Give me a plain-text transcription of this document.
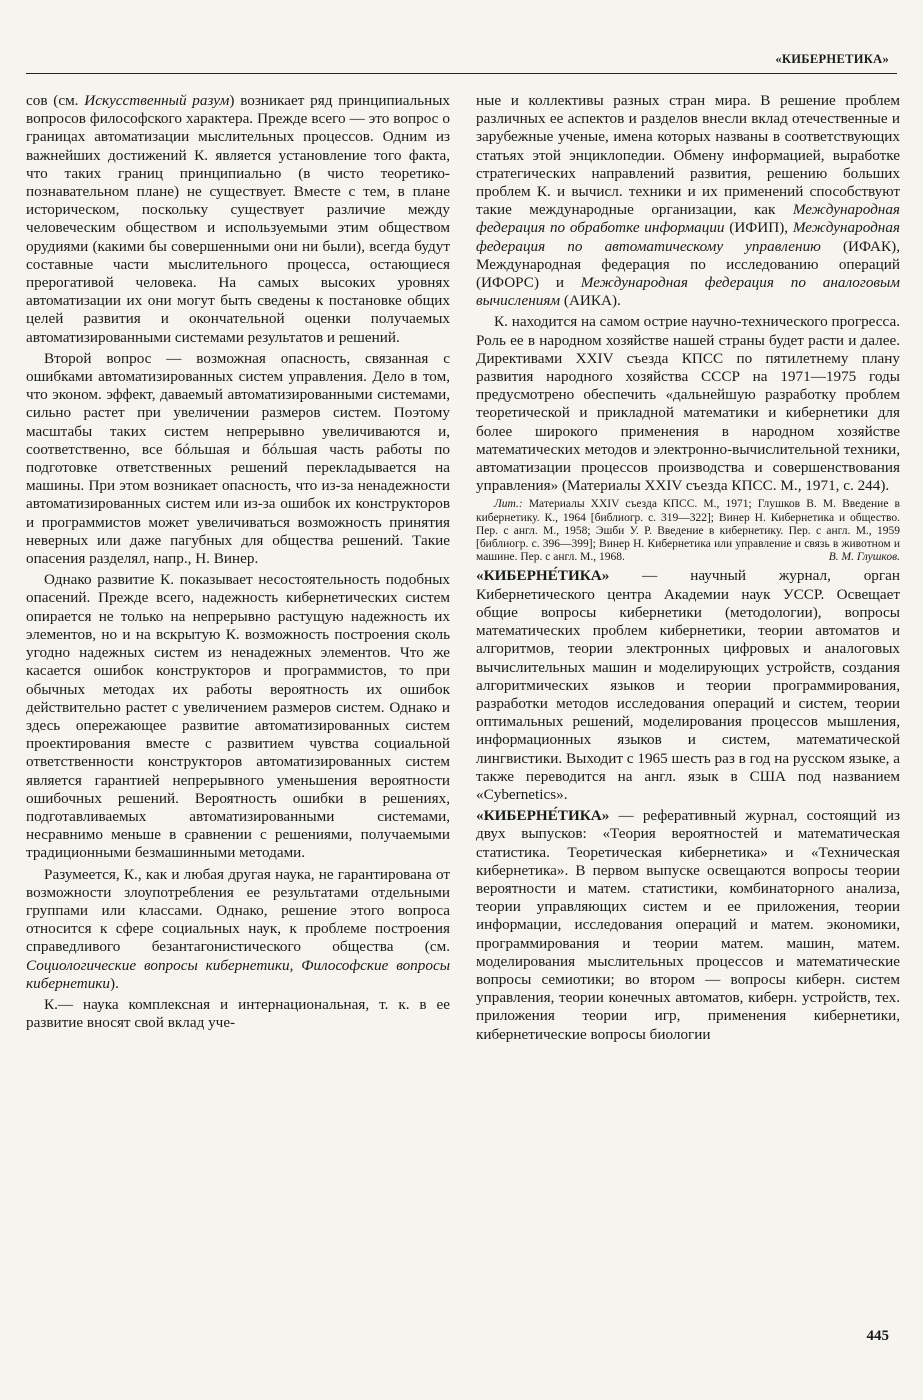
«КИБЕРНЕТИКА»

сов (см. Искусственный разум) возникает ряд принципиальных вопросов философского характера. Прежде всего — это вопрос о границах автоматизации мыслительных процессов. Одним из важнейших достижений К. является установление того факта, что таких границ принципиально (в чисто теоретико-познавательном плане) не существует. Вместе с тем, в плане историческом, поскольку существует различие между человеческим обществом и используемыми этим обществом орудиями (какими бы совершенными они ни были), всегда будут составные части мыслительного процесса, остающиеся прерогативой человека. На самых высоких уровнях автоматизации их они могут быть сведены к постановке общих целей развития и окончательной оценки получаемых автоматизированными системами результатов и решений.

Второй вопрос — возможная опасность, связанная с ошибками автоматизированных систем управления. Дело в том, что эконом. эффект, даваемый автоматизированными системами, сильно растет при увеличении размеров систем. Поэтому масштабы таких систем непрерывно увеличиваются и, соответственно, все бóльшая и бóльшая часть работы по подготовке ответственных решений перекладывается на машины. При этом возникает опасность, что из-за ненадежности автоматизированных систем или из-за ошибок их конструкторов и программистов может увеличиваться возможность принятия неверных или даже пагубных для общества решений. Такие опасения разделял, напр., Н. Винер.

Однако развитие К. показывает несостоятельность подобных опасений. Прежде всего, надежность кибернетических систем опирается не только на непрерывно растущую надежность их элементов, но и на вскрытую К. возможность построения сколь угодно надежных систем из ненадежных элементов. Что же касается ошибок конструкторов и программистов, то при обычных методах их работы вероятность их ошибок действительно растет с увеличением размеров систем. Однако и здесь опережающее развитие автоматизированных систем проектирования вместе с развитием чувства социальной ответственности конструкторов автоматизированных систем является гарантией непрерывного уменьшения вероятности ошибочных решений. Вероятность ошибки в решениях, подготавливаемых автоматизированными системами, несравнимо меньше в сравнении с решениями, получаемыми традиционными безмашинными методами.

Разумеется, К., как и любая другая наука, не гарантирована от возможности злоупотребления ее результатами отдельными группами или классами. Однако, решение этого вопроса относится к сфере социальных наук, к проблеме построения справедливого безантагонистического общества (см. Социологические вопросы кибернетики, Философские вопросы кибернетики).

К.— наука комплексная и интернациональная, т. к. в ее развитие вносят свой вклад уче-

ные и коллективы разных стран мира. В решение проблем различных ее аспектов и разделов внесли вклад отечественные и зарубежные ученые, имена которых названы в соответствующих статьях этой энциклопедии. Обмену информацией, выработке стратегических направлений развития, решению больших проблем К. и вычисл. техники и их применений способствуют такие международные организации, как Международная федерация по обработке информации (ИФИП), Международная федерация по автоматическому управлению (ИФАК), Международная федерация по исследованию операций (ИФОРС) и Международная федерация по аналоговым вычислениям (АИКА).

К. находится на самом острие научно-технического прогресса. Роль ее в народном хозяйстве нашей страны будет расти и далее. Директивами XXIV съезда КПСС по пятилетнему плану развития народного хозяйства СССР на 1971—1975 годы предусмотрено обеспечить «дальнейшую разработку проблем теоретической и прикладной математики и кибернетики для более широкого применения в народном хозяйстве математических методов и электронно-вычислительной техники, автоматизации процессов производства и совершенствования управления» (Материалы XXIV съезда КПСС. М., 1971, с. 244).

Лит.: Материалы XXIV съезда КПСС. М., 1971; Глушков В. М. Введение в кибернетику. К., 1964 [библиогр. с. 319—322]; Винер Н. Кибернетика и общество. Пер. с англ. М., 1958; Эшби У. Р. Введение в кибернетику. Пер. с англ. М., 1959 [библиогр. с. 396—399]; Винер Н. Кибернетика или управление и связь в животном и машине. Пер. с англ. М., 1968.	В. М. Глушков.

«КИБЕРНЕ́ТИКА» — научный журнал, орган Кибернетического центра Академии наук УССР. Освещает общие вопросы кибернетики (методологии), вопросы математических проблем кибернетики, теории автоматов и алгоритмов, теории электронных цифровых и аналоговых вычислительных машин и моделирующих устройств, создания алгоритмических языков и теории программирования, разработки методов исследования операций и систем, теории оптимальных решений, моделирования процессов мышления, информационных языков и систем, математической лингвистики. Выходит с 1965 шесть раз в год на русском языке, а также переводится на англ. язык в США под названием «Cybernetics».

«КИБЕРНЕ́ТИКА» — реферативный журнал, состоящий из двух выпусков: «Теория вероятностей и математическая статистика. Теоретическая кибернетика» и «Техническая кибернетика». В первом выпуске освещаются вопросы теории вероятности и матем. статистики, комбинаторного анализа, теории управляющих систем и ее приложения, теории информации, исследования операций и матем. экономики, программирования и теории матем. машин, матем. моделирования мыслительных процессов и математические вопросы семиотики; во втором — вопросы киберн. систем управления, теории конечных автоматов, киберн. устройств, тех. приложения теории игр, применения кибернетики, кибернетические вопросы биологии

445
